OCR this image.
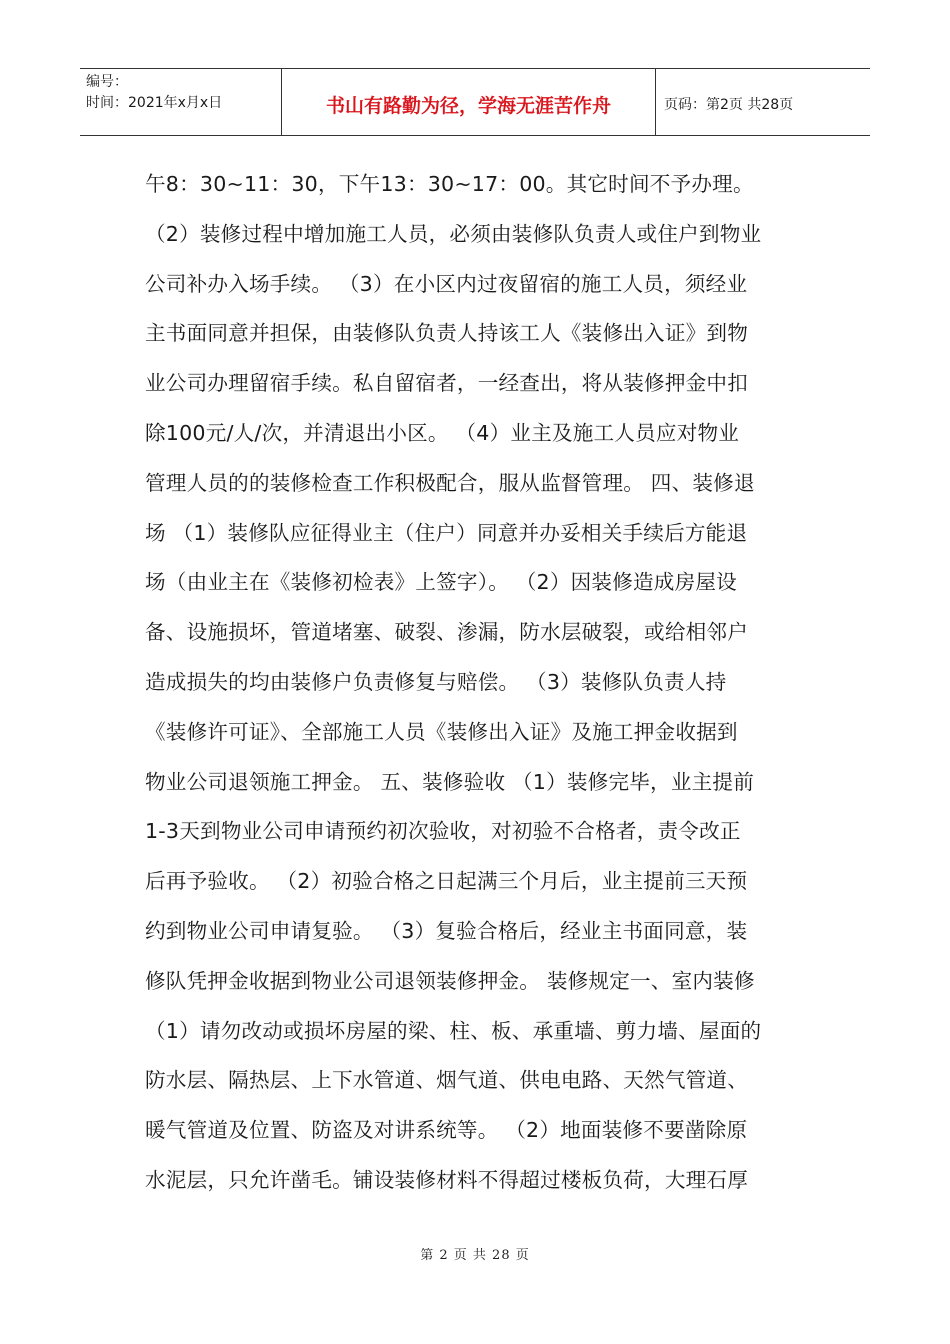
编号：
时间：2021年x月x日	书山有路勤为径，学海无涯苦作舟	页码：第2页 共28页
午8：30~11：30，下午13：30~17：00。其它时间不予办理。
（2）装修过程中增加施工人员，必须由装修队负责人或住户到物业
公司补办入场手续。 （3）在小区内过夜留宿的施工人员，须经业
主书面同意并担保，由装修队负责人持该工人《装修出入证》到物
业公司办理留宿手续。私自留宿者，一经查出，将从装修押金中扣
除100元/人/次，并清退出小区。 （4）业主及施工人员应对物业
管理人员的的装修检查工作积极配合，服从监督管理。 四、装修退
场 （1）装修队应征得业主（住户）同意并办妥相关手续后方能退
场（由业主在《装修初检表》上签字）。 （2）因装修造成房屋设
备、设施损坏，管道堵塞、破裂、渗漏，防水层破裂，或给相邻户
造成损失的均由装修户负责修复与赔偿。 （3）装修队负责人持
《装修许可证》、全部施工人员《装修出入证》及施工押金收据到
物业公司退领施工押金。 五、装修验收 （1）装修完毕，业主提前
1-3天到物业公司申请预约初次验收，对初验不合格者，责令改正
后再予验收。 （2）初验合格之日起满三个月后，业主提前三天预
约到物业公司申请复验。 （3）复验合格后，经业主书面同意，装
修队凭押金收据到物业公司退领装修押金。 装修规定一、室内装修
（1）请勿改动或损坏房屋的梁、柱、板、承重墙、剪力墙、屋面的
防水层、隔热层、上下水管道、烟气道、供电电路、天然气管道、
暖气管道及位置、防盗及对讲系统等。 （2）地面装修不要凿除原
水泥层，只允许凿毛。铺设装修材料不得超过楼板负荷，大理石厚
第 2 页 共 28 页
